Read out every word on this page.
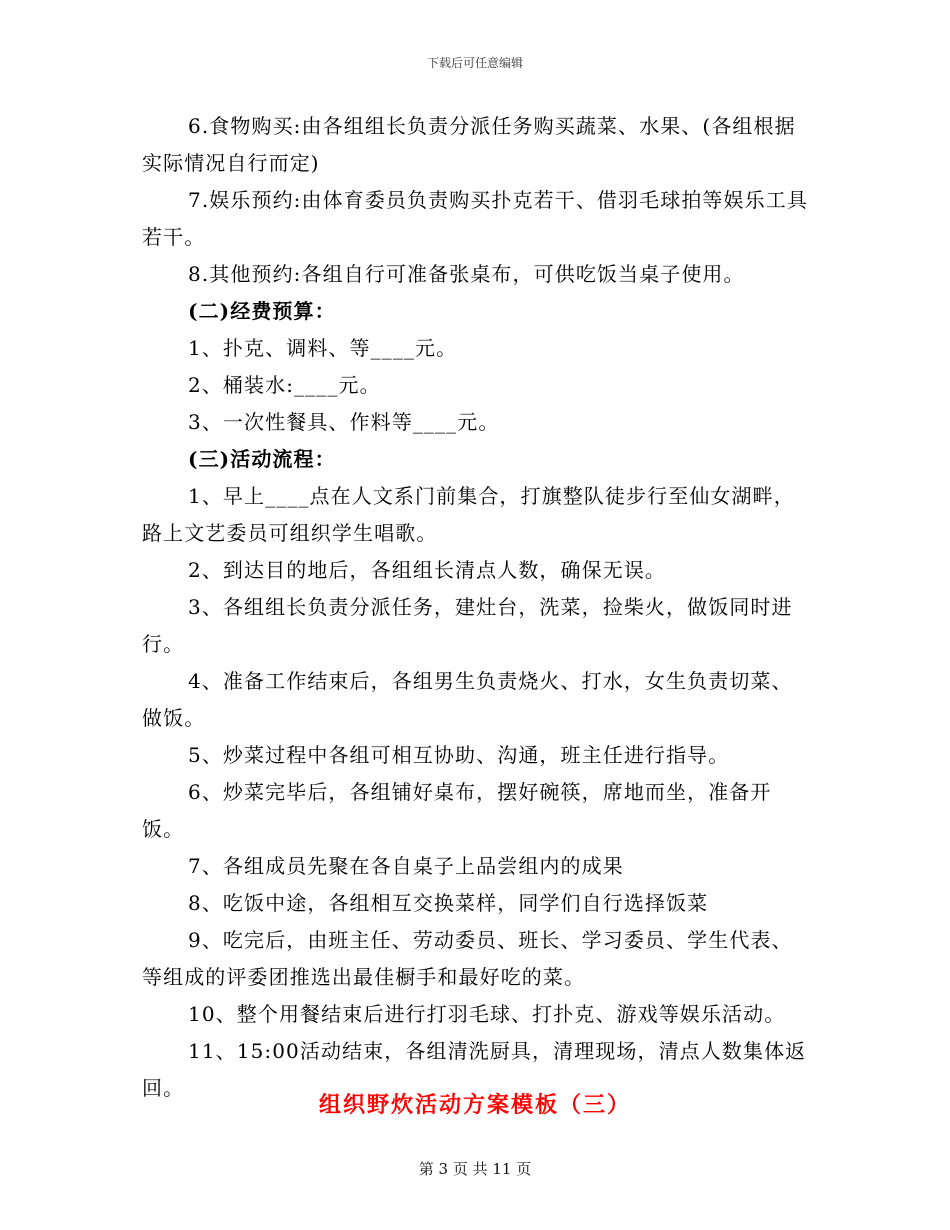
下载后可任意编辑

6.食物购买:由各组组长负责分派任务购买蔬菜、水果、(各组根据实际情况自行而定)

7.娱乐预约:由体育委员负责购买扑克若干、借羽毛球拍等娱乐工具若干。

8.其他预约:各组自行可准备张桌布，可供吃饭当桌子使用。

(二)经费预算：

1、扑克、调料、等____元。

2、桶装水:____元。

3、一次性餐具、作料等____元。

(三)活动流程：

1、早上____点在人文系门前集合，打旗整队徒步行至仙女湖畔，路上文艺委员可组织学生唱歌。

2、到达目的地后，各组组长清点人数，确保无误。

3、各组组长负责分派任务，建灶台，洗菜，捡柴火，做饭同时进行。

4、准备工作结束后，各组男生负责烧火、打水，女生负责切菜、做饭。

5、炒菜过程中各组可相互协助、沟通，班主任进行指导。

6、炒菜完毕后，各组铺好桌布，摆好碗筷，席地而坐，准备开饭。

7、各组成员先聚在各自桌子上品尝组内的成果

8、吃饭中途，各组相互交换菜样，同学们自行选择饭菜

9、吃完后，由班主任、劳动委员、班长、学习委员、学生代表、等组成的评委团推选出最佳橱手和最好吃的菜。

10、整个用餐结束后进行打羽毛球、打扑克、游戏等娱乐活动。

11、15:00活动结束，各组清洗厨具，清理现场，清点人数集体返回。

组织野炊活动方案模板（三）
第 3 页 共 11 页
